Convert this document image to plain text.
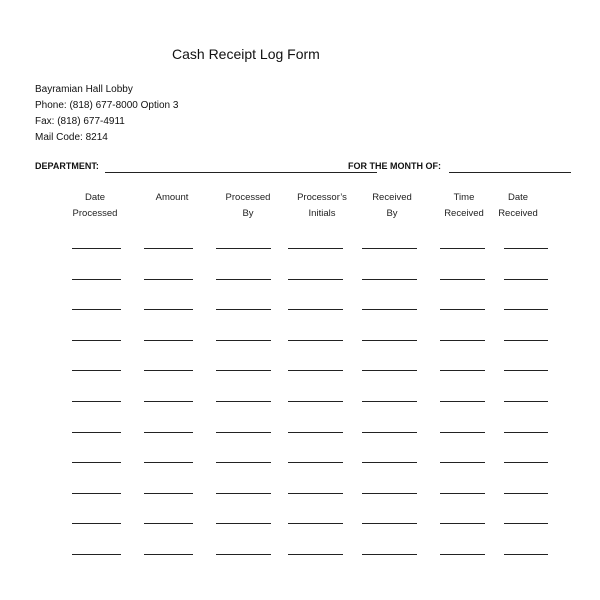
Cash Receipt Log Form
Bayramian Hall Lobby
Phone: (818) 677-8000 Option 3
Fax: (818) 677-4911
Mail Code: 8214
DEPARTMENT:	FOR THE MONTH OF:
Date
Processed
Amount	Processed
By
Processor’s
Initials
Received
By
Time
Received
Date
Received
